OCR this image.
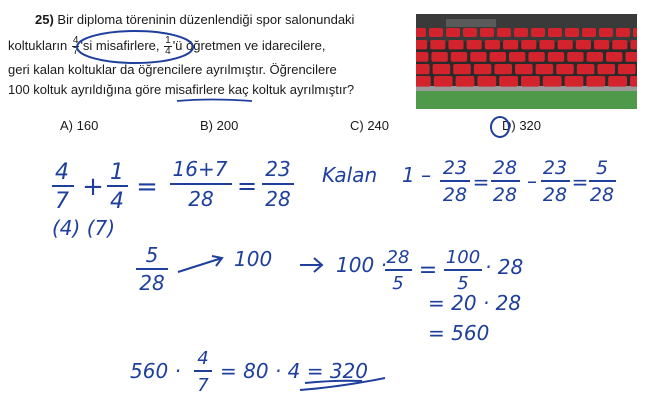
25) Bir diploma töreninin düzenlendiği spor salonundaki
koltukların $\frac{4}{7}$ 'si misafirlere, $\frac{1}{4}$ 'ü öğretmen ve idarecilere,
geri kalan koltuklar da öğrencilere ayrılmıştır. Öğrencilere
100 koltuk ayrıldığına göre misafirlere kaç koltuk ayrılmıştır?
A) 160	B) 200	C) 240	D) 320
4
7 + 1
4 =
16+7
28 =
23
28
Kalan 1 – 23
28
=
28
28
–
23
28
=
5
28
(4) (7)
5
28
100	100 · 28
5
=
100
5
· 28
= 20 · 28
= 560
560 ·
4
7
= 80 · 4 = 320
